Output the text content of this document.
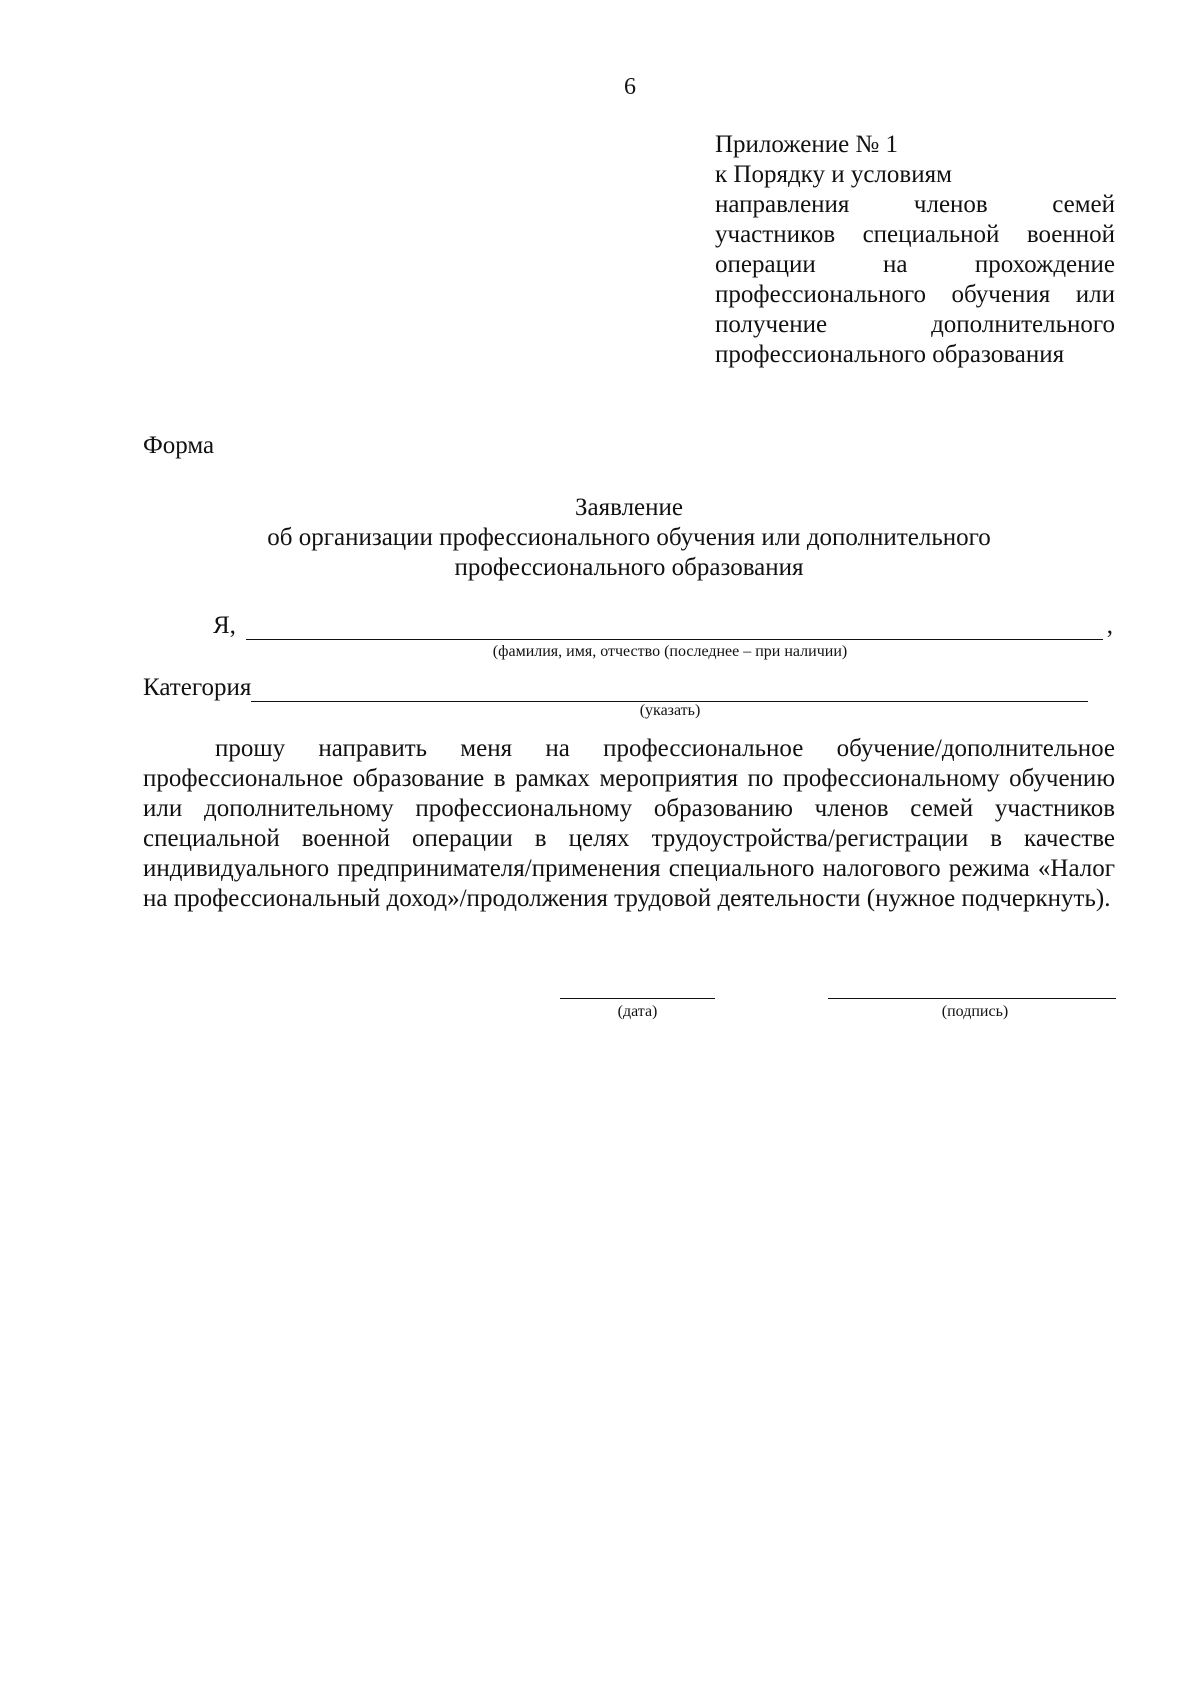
6
Приложение № 1
к Порядку и условиям
направления членов семей
участников специальной военной
операции на прохождение
профессионального обучения или
получение дополнительного
профессионального образования
Форма
Заявление
об организации профессионального обучения или дополнительного
профессионального образования
Я,	,
(фамилия, имя, отчество (последнее – при наличии)
Категория
(указать)
прошу направить меня на профессиональное обучение/дополнительное профессиональное образование в рамках мероприятия по профессиональному обучению или дополнительному профессиональному образованию членов семей участников специальной военной операции в целях трудоустройства/регистрации в качестве индивидуального предпринимателя/применения специального налогового режима «Налог на профессиональный доход»/продолжения трудовой деятельности (нужное подчеркнуть).
(дата)	(подпись)
